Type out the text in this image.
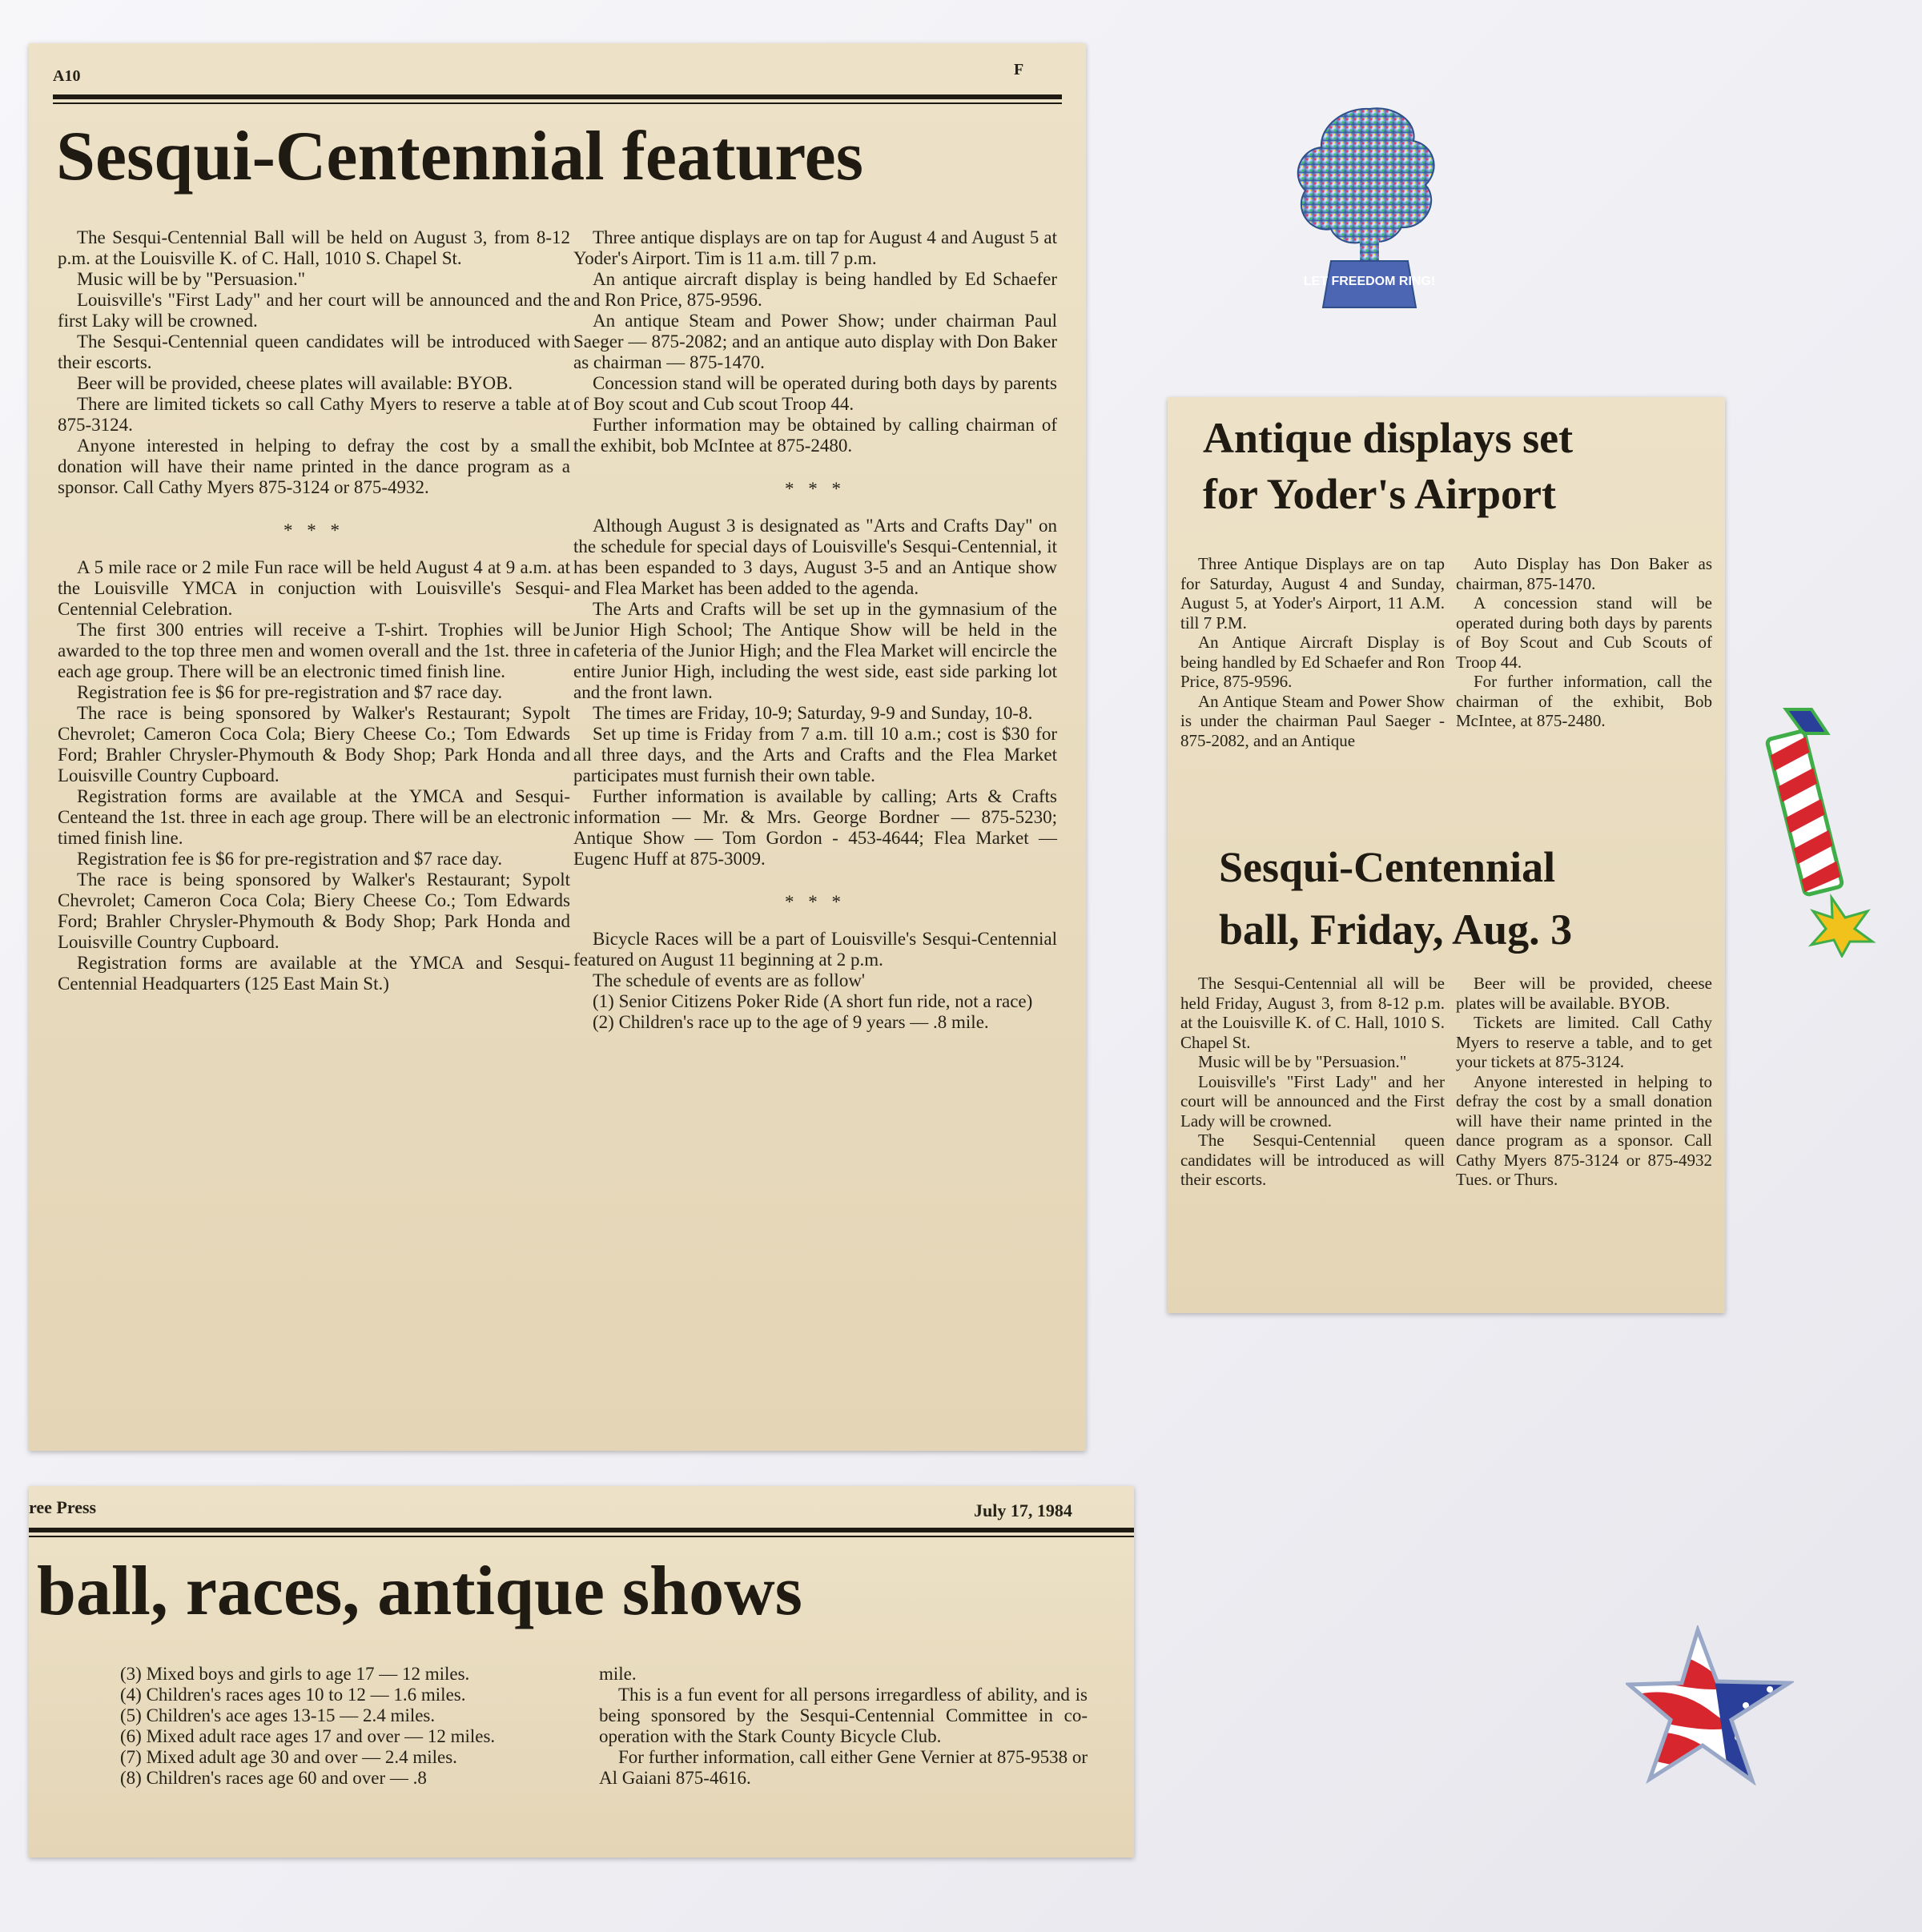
A10	F
Sesqui-Centennial features

The Sesqui-Centennial Ball will be held on August 3, from 8-12 p.m. at the Louisville K. of C. Hall, 1010 S. Chapel St.

Music will be by "Persuasion."

Louisville's "First Lady" and her court will be announced and the first Laky will be crowned.

The Sesqui-Centennial queen candidates will be introduced with their escorts.

Beer will be provided, cheese plates will available: BYOB.

There are limited tickets so call Cathy Myers to reserve a table at 875-3124.

Anyone interested in helping to defray the cost by a small donation will have their name printed in the dance program as a sponsor. Call Cathy Myers 875-3124 or 875-4932.

* * *

A 5 mile race or 2 mile Fun race will be held August 4 at 9 a.m. at the Louisville YMCA in conjuction with Louisville's Sesqui-Centennial Celebration.

The first 300 entries will receive a T-shirt. Trophies will be awarded to the top three men and women overall and the 1st. three in each age group. There will be an electronic timed finish line.

Registration fee is $6 for pre-registration and $7 race day.

The race is being sponsored by Walker's Restaurant; Sypolt Chevrolet; Cameron Coca Cola; Biery Cheese Co.; Tom Edwards Ford; Brahler Chrysler-Phymouth & Body Shop; Park Honda and Louisville Country Cupboard.

Registration forms are available at the YMCA and Sesqui-Centeand the 1st. three in each age group. There will be an electronic timed finish line.

Registration fee is $6 for pre-registration and $7 race day.

The race is being sponsored by Walker's Restaurant; Sypolt Chevrolet; Cameron Coca Cola; Biery Cheese Co.; Tom Edwards Ford; Brahler Chrysler-Phymouth & Body Shop; Park Honda and Louisville Country Cupboard.

Registration forms are available at the YMCA and Sesqui-Centennial Headquarters (125 East Main St.)

Three antique displays are on tap for August 4 and August 5 at Yoder's Airport. Tim is 11 a.m. till 7 p.m.

An antique aircraft display is being handled by Ed Schaefer and Ron Price, 875-9596.

An antique Steam and Power Show; under chairman Paul Saeger — 875-2082; and an antique auto display with Don Baker as chairman — 875-1470.

Concession stand will be operated during both days by parents of Boy scout and Cub scout Troop 44.

Further information may be obtained by calling chairman of the exhibit, bob McIntee at 875-2480.

* * *

Although August 3 is designated as "Arts and Crafts Day" on the schedule for special days of Louisville's Sesqui-Centennial, it has been espanded to 3 days, August 3-5 and an Antique show and Flea Market has been added to the agenda.

The Arts and Crafts will be set up in the gymnasium of the Junior High School; The Antique Show will be held in the cafeteria of the Junior High; and the Flea Market will encircle the entire Junior High, including the west side, east side parking lot and the front lawn.

The times are Friday, 10-9; Saturday, 9-9 and Sunday, 10-8.

Set up time is Friday from 7 a.m. till 10 a.m.; cost is $30 for all three days, and the Arts and Crafts and the Flea Market participates must furnish their own table.

Further information is available by calling; Arts & Crafts information — Mr. & Mrs. George Bordner — 875-5230; Antique Show — Tom Gordon - 453-4644; Flea Market — Eugenc Huff at 875-3009.

* * *

Bicycle Races will be a part of Louisville's Sesqui-Centennial featured on August 11 beginning at 2 p.m.

The schedule of events are as follow'

(1) Senior Citizens Poker Ride (A short fun ride, not a race)

(2) Children's race up to the age of 9 years — .8 mile.

ree Press	July 17, 1984
ball, races, antique shows

(3) Mixed boys and girls to age 17 — 12 miles.

(4) Children's races ages 10 to 12 — 1.6 miles.

(5) Children's ace ages 13-15 — 2.4 miles.

(6) Mixed adult race ages 17 and over — 12 miles.

(7) Mixed adult age 30 and over — 2.4 miles.

(8) Children's races age 60 and over — .8

mile.

This is a fun event for all persons irregardless of ability, and is being sponsored by the Sesqui-Centennial Committee in co-operation with the Stark County Bicycle Club.

For further information, call either Gene Vernier at 875-9538 or Al Gaiani 875-4616.

Antique displays set
for Yoder's Airport

Three Antique Displays are on tap for Saturday, August 4 and Sunday, August 5, at Yoder's Airport, 11 A.M. till 7 P.M.

An Antique Aircraft Display is being handled by Ed Schaefer and Ron Price, 875-9596.

An Antique Steam and Power Show is under the chairman Paul Saeger - 875-2082, and an Antique

Auto Display has Don Baker as chairman, 875-1470.

A concession stand will be operated during both days by parents of Boy Scout and Cub Scouts of Troop 44.

For further information, call the chairman of the exhibit, Bob McIntee, at 875-2480.

Sesqui-Centennial
ball, Friday, Aug. 3

The Sesqui-Centennial all will be held Friday, August 3, from 8-12 p.m. at the Louisville K. of C. Hall, 1010 S. Chapel St.

Music will be by "Persuasion."

Louisville's "First Lady" and her court will be announced and the First Lady will be crowned.

The Sesqui-Centennial queen candidates will be introduced as will their escorts.

Beer will be provided, cheese plates will be available. BYOB.

Tickets are limited. Call Cathy Myers to reserve a table, and to get your tickets at 875-3124.

Anyone interested in helping to defray the cost by a small donation will have their name printed in the dance program as a sponsor. Call Cathy Myers 875-3124 or 875-4932 Tues. or Thurs.

LET FREEDOM RING!
